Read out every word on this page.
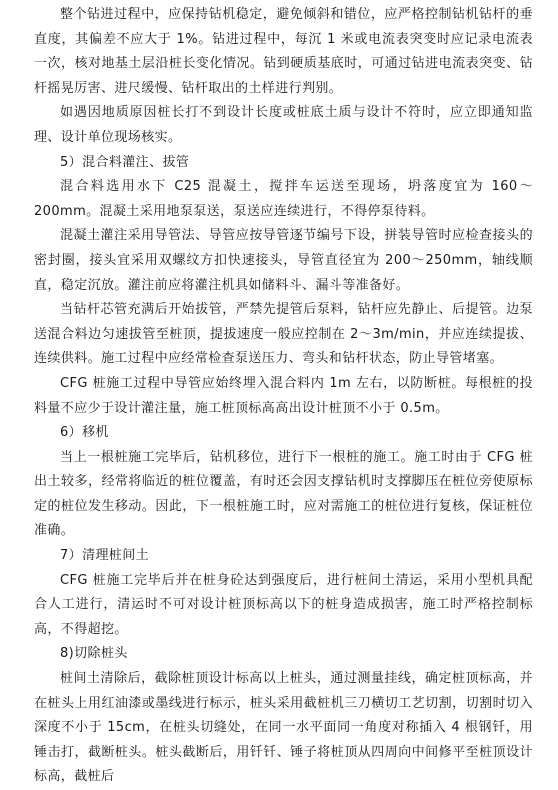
整个钻进过程中，应保持钻机稳定，避免倾斜和错位，应严格控制钻机钻杆的垂直度，其偏差不应大于 1%。钻进过程中，每沉 1 米或电流表突变时应记录电流表一次，核对地基土层沿桩长变化情况。钻到硬质基底时，可通过钻进电流表突变、钻杆摇晃厉害、进尺缓慢、钻杆取出的土样进行判别。

如遇因地质原因桩长打不到设计长度或桩底土质与设计不符时，应立即通知监理、设计单位现场核实。

5）混合料灌注、拔管

混合料选用水下 C25 混凝土，搅拌车运送至现场，坍落度宜为 160～200mm。混凝土采用地泵泵送，泵送应连续进行，不得停泵待料。

混凝土灌注采用导管法、导管应按导管逐节编号下设，拼装导管时应检查接头的密封圈，接头宜采用双螺纹方扣快速接头，导管直径宜为 200～250mm，轴线顺直，稳定沉放。灌注前应将灌注机具如储料斗、漏斗等准备好。

当钻杆芯管充满后开始拔管，严禁先提管后泵料，钻杆应先静止、后提管。边泵送混合料边匀速拔管至桩顶，提拔速度一般应控制在 2～3m/min，并应连续提拔、连续供料。施工过程中应经常检查泵送压力、弯头和钻杆状态，防止导管堵塞。

CFG 桩施工过程中导管应始终埋入混合料内 1m 左右，以防断桩。每根桩的投料量不应少于设计灌注量，施工桩顶标高高出设计桩顶不小于 0.5m。

6）移机

当上一根桩施工完毕后，钻机移位，进行下一根桩的施工。施工时由于 CFG 桩出土较多，经常将临近的桩位覆盖，有时还会因支撑钻机时支撑脚压在桩位旁使原标定的桩位发生移动。因此，下一根桩施工时，应对需施工的桩位进行复核，保证桩位准确。

7）清理桩间土

CFG 桩施工完毕后并在桩身砼达到强度后，进行桩间土清运，采用小型机具配合人工进行，清运时不可对设计桩顶标高以下的桩身造成损害，施工时严格控制标高，不得超挖。

8)切除桩头

桩间土清除后，截除桩顶设计标高以上桩头，通过测量挂线，确定桩顶标高，并在桩头上用红油漆或墨线进行标示，桩头采用截桩机三刀横切工艺切割，切割时切入深度不小于 15cm，在桩头切缝处，在同一水平面同一角度对称插入 4 根钢钎，用锤击打，截断桩头。桩头截断后，用钎钎、锤子将桩顶从四周向中间修平至桩顶设计标高，截桩后
